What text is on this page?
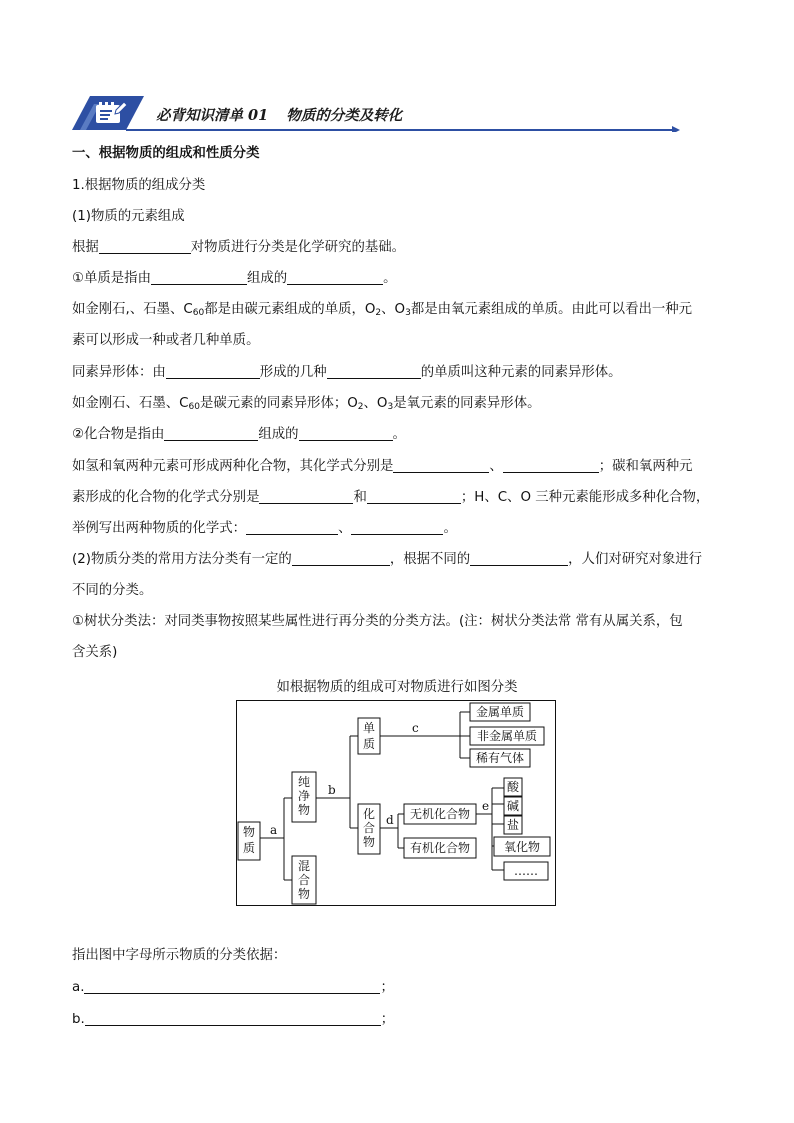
必背知识清单 01 物质的分类及转化
一、根据物质的组成和性质分类
1.根据物质的组成分类
(1)物质的元素组成
根据	对物质进行分类是化学研究的基础。
①单质是指由	组成的	。
如金刚石,、石墨、$C_{60}$都是由碳元素组成的单质，$O_2$、$O_3$都是由氧元素组成的单质。由此可以看出一种元
素可以形成一种或者几种单质。
同素异形体：由	形成的几种	的单质叫这种元素的同素异形体。
如金刚石、石墨、$C_{60}$是碳元素的同素异形体；$O_2$、$O_3$是氧元素的同素异形体。
②化合物是指由	组成的	。
如氢和氧两种元素可形成两种化合物，其化学式分别是	、	；碳和氧两种元
素形成的化合物的化学式分别是	和	；H、C、O 三种元素能形成多种化合物，
举例写出两种物质的化学式：	、	。
(2)物质分类的常用方法分类有一定的	，根据不同的	，人们对研究对象进行
不同的分类。
①树状分类法：对同类事物按照某些属性进行再分类的分类方法。(注：树状分类法常 常有从属关系，包
含关系)
如根据物质的组成可对物质进行如图分类
物
质
a
纯
净
物
混
合
物
b
单
质
c
化
合
物
d
金属单质
非金属单质
稀有气体
无机化合物
有机化合物
e
酸
碱
盐
氧化物
……
指出图中字母所示物质的分类依据：
a.	；
b.	；
